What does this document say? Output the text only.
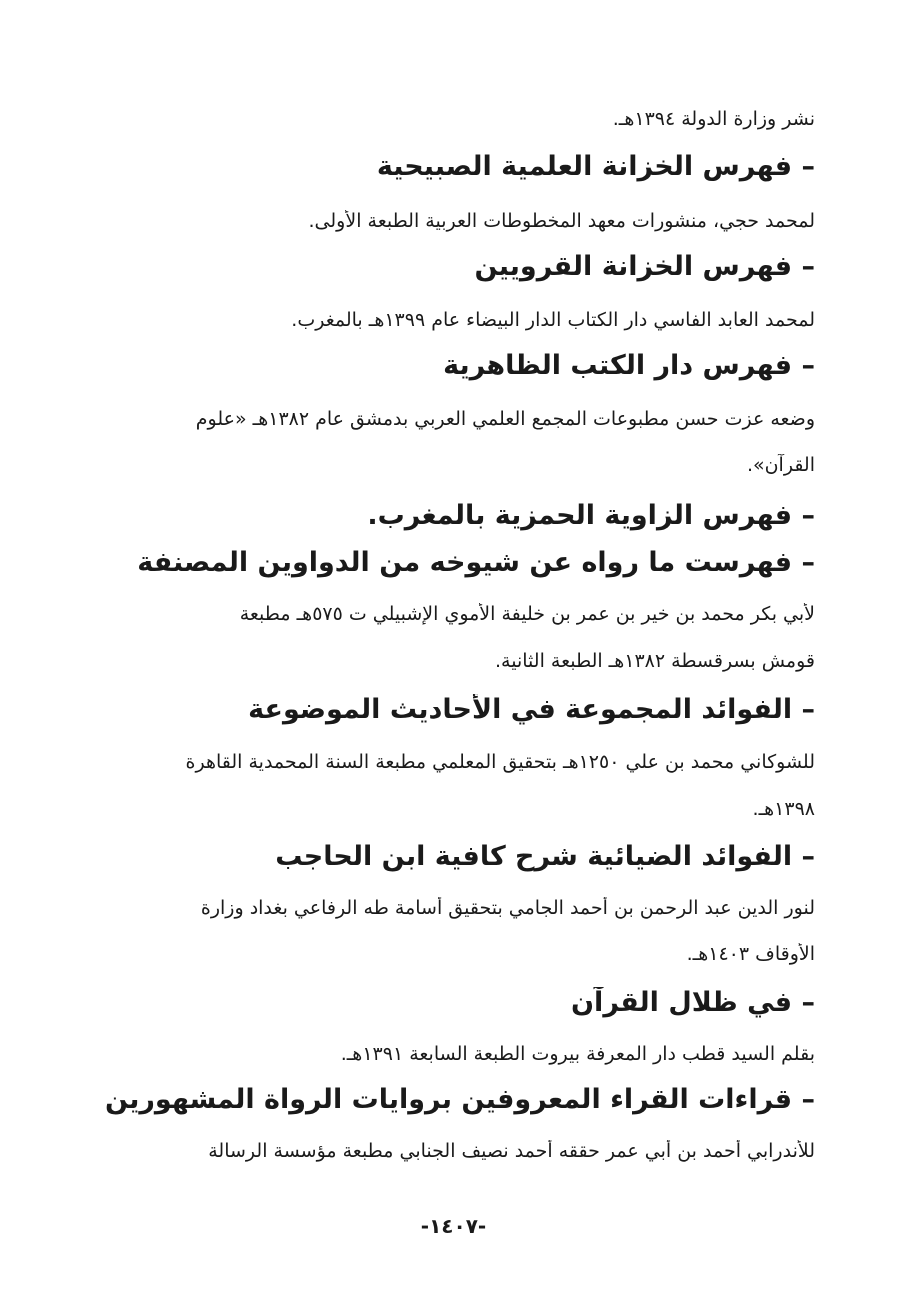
نشر وزارة الدولة ١٣٩٤هـ.
– فهرس الخزانة العلمية الصبيحية
لمحمد حجي، منشورات معهد المخطوطات العربية الطبعة الأولى.
– فهرس الخزانة القرويين
لمحمد العابد الفاسي دار الكتاب الدار البيضاء عام ١٣٩٩هـ بالمغرب.
– فهرس دار الكتب الظاهرية
وضعه عزت حسن مطبوعات المجمع العلمي العربي بدمشق عام ١٣٨٢هـ «علوم
القرآن».
– فهرس الزاوية الحمزية بالمغرب.
– فهرست ما رواه عن شيوخه من الدواوين المصنفة
لأبي بكر محمد بن خير بن عمر بن خليفة الأموي الإشبيلي ت ٥٧٥هـ مطبعة
قومش بسرقسطة ١٣٨٢هـ الطبعة الثانية.
– الفوائد المجموعة في الأحاديث الموضوعة
للشوكاني محمد بن علي ١٢٥٠هـ بتحقيق المعلمي مطبعة السنة المحمدية القاهرة
١٣٩٨هـ.
– الفوائد الضيائية شرح كافية ابن الحاجب
لنور الدين عبد الرحمن بن أحمد الجامي بتحقيق أسامة طه الرفاعي بغداد وزارة
الأوقاف ١٤٠٣هـ.
– في ظلال القرآن
بقلم السيد قطب دار المعرفة بيروت الطبعة السابعة ١٣٩١هـ.
– قراءات القراء المعروفين بروايات الرواة المشهورين
للأندرابي أحمد بن أبي عمر حققه أحمد نصيف الجنابي مطبعة مؤسسة الرسالة
-١٤٠٧-
